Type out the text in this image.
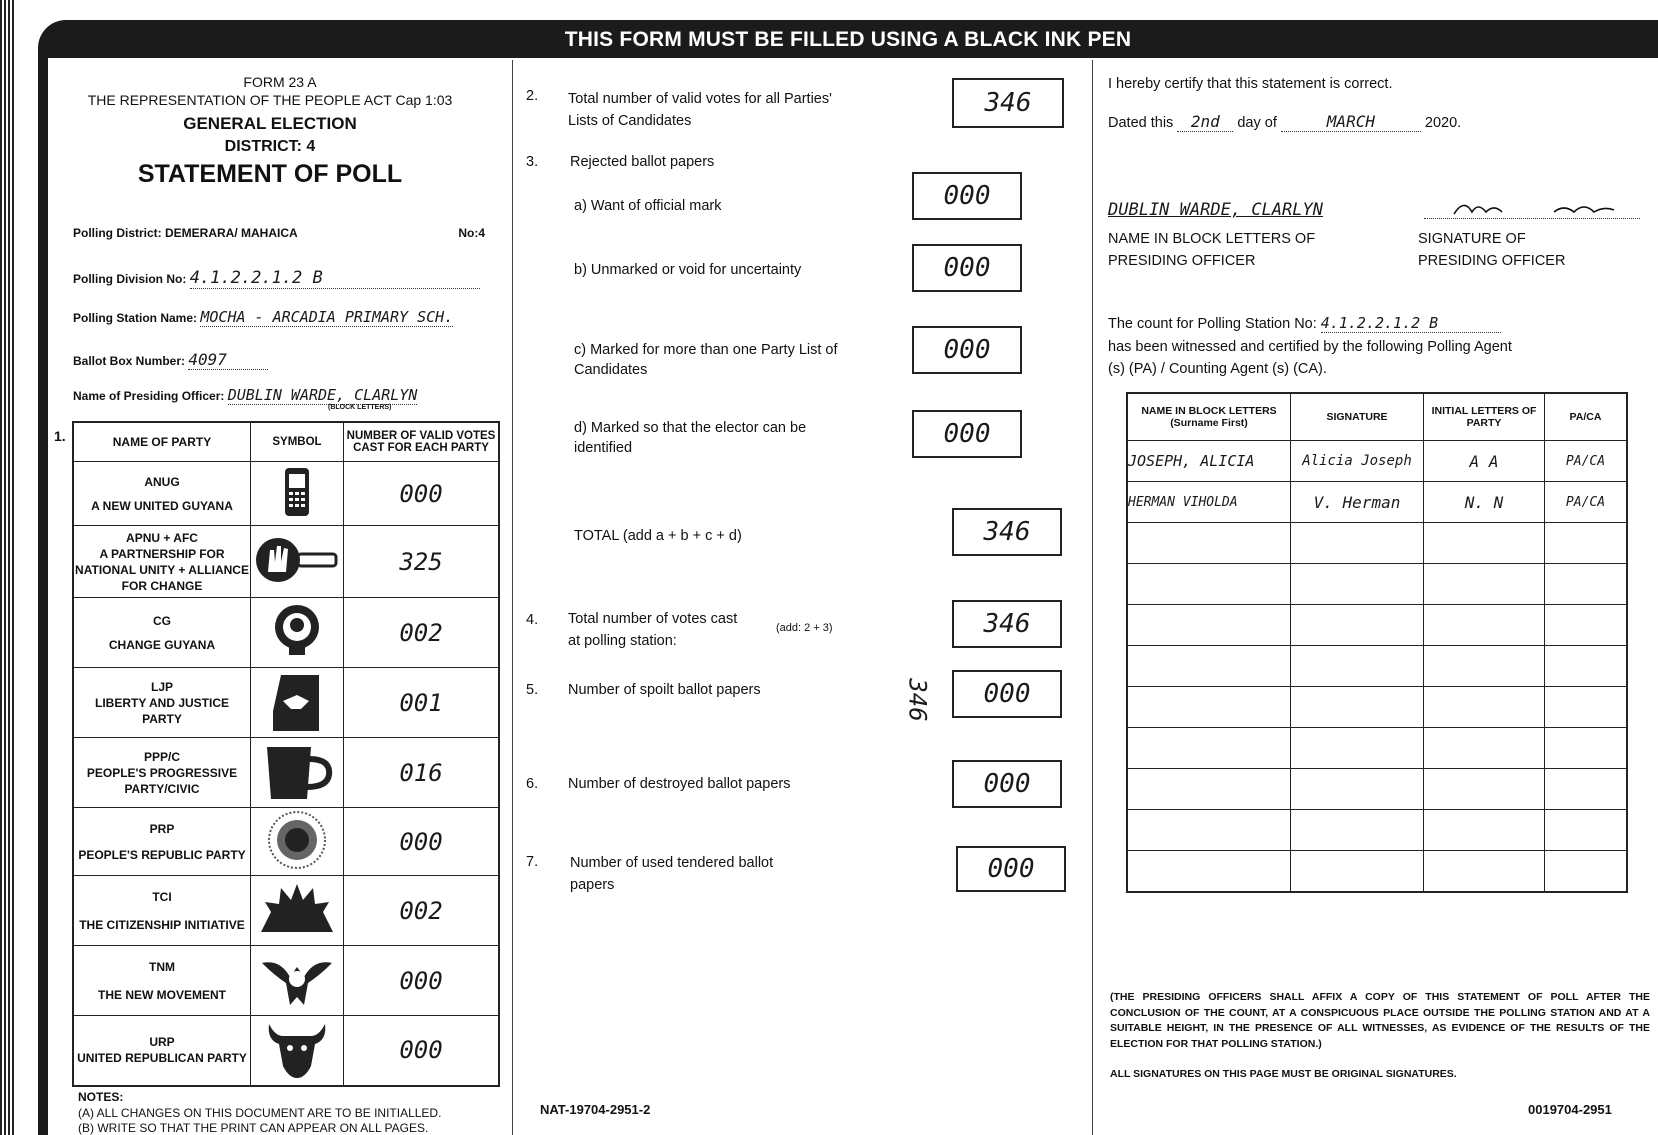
THIS FORM MUST BE FILLED USING A BLACK INK PEN
FORM 23 A
THE REPRESENTATION OF THE PEOPLE ACT Cap 1:03
GENERAL ELECTION
DISTRICT: 4
STATEMENT OF POLL
Polling District: DEMERARA/ MAHAICA	No:4
Polling Division No: 4.1.2.2.1.2 B
Polling Station Name: MOCHA - ARCADIA PRIMARY SCH.
Ballot Box Number: 4097
Name of Presiding Officer: DUBLIN WARDE, CLARLYN
(BLOCK LETTERS)
1.	NAME OF PARTY	SYMBOL	NUMBER OF VALID VOTES CAST FOR EACH PARTY

ANUG
A NEW UNITED GUYANA		000

APNU + AFC
A PARTNERSHIP FOR NATIONAL UNITY + ALLIANCE FOR CHANGE		325

CG
CHANGE GUYANA		002

LJP
LIBERTY AND JUSTICE PARTY		001

PPP/C
PEOPLE'S PROGRESSIVE PARTY/CIVIC		016

PRP
PEOPLE'S REPUBLIC PARTY		000

TCI
THE CITIZENSHIP INITIATIVE		002

TNM
THE NEW MOVEMENT		000

URP
UNITED REPUBLICAN PARTY		000
NOTES:
(A) ALL CHANGES ON THIS DOCUMENT ARE TO BE INITIALLED.
(B) WRITE SO THAT THE PRINT CAN APPEAR ON ALL PAGES.
2. Total number of valid votes for all Parties' Lists of Candidates
346
3. Rejected ballot papers
a) Want of official mark	000
b) Unmarked or void for uncertainty	000
c) Marked for more than one Party List of Candidates
000
d) Marked so that the elector can be identified	000
TOTAL (add a + b + c + d)	346
4. Total number of votes cast at polling station:
(add: 2 + 3)	346
346
5. Number of spoilt ballot papers	000
6. Number of destroyed ballot papers	000
7. Number of used tendered ballot papers
000
NAT-19704-2951-2
I hereby certify that this statement is correct.
Dated this 2nd day of	MARCH	2020.
DUBLIN WARDE, CLARLYN
NAME IN BLOCK LETTERS OF PRESIDING OFFICER
SIGNATURE OF PRESIDING OFFICER
The count for Polling Station No: 4.1.2.2.1.2 B
has been witnessed and certified by the following Polling Agent (s) (PA) / Counting Agent (s) (CA).
NAME IN BLOCK LETTERS (Surname First)	SIGNATURE	INITIAL LETTERS OF PARTY	PA/CA
JOSEPH, ALICIA	Alicia Joseph	A A	PA/CA
HERMAN VIHOLDA	V. Herman	N. N	PA/CA

(THE PRESIDING OFFICERS SHALL AFFIX A COPY OF THIS STATEMENT OF POLL AFTER THE CONCLUSION OF THE COUNT, AT A CONSPICUOUS PLACE OUTSIDE THE POLLING STATION AND AT A SUITABLE HEIGHT, IN THE PRESENCE OF ALL WITNESSES, AS EVIDENCE OF THE RESULTS OF THE ELECTION FOR THAT POLLING STATION.)
ALL SIGNATURES ON THIS PAGE MUST BE ORIGINAL SIGNATURES.
0019704-2951
